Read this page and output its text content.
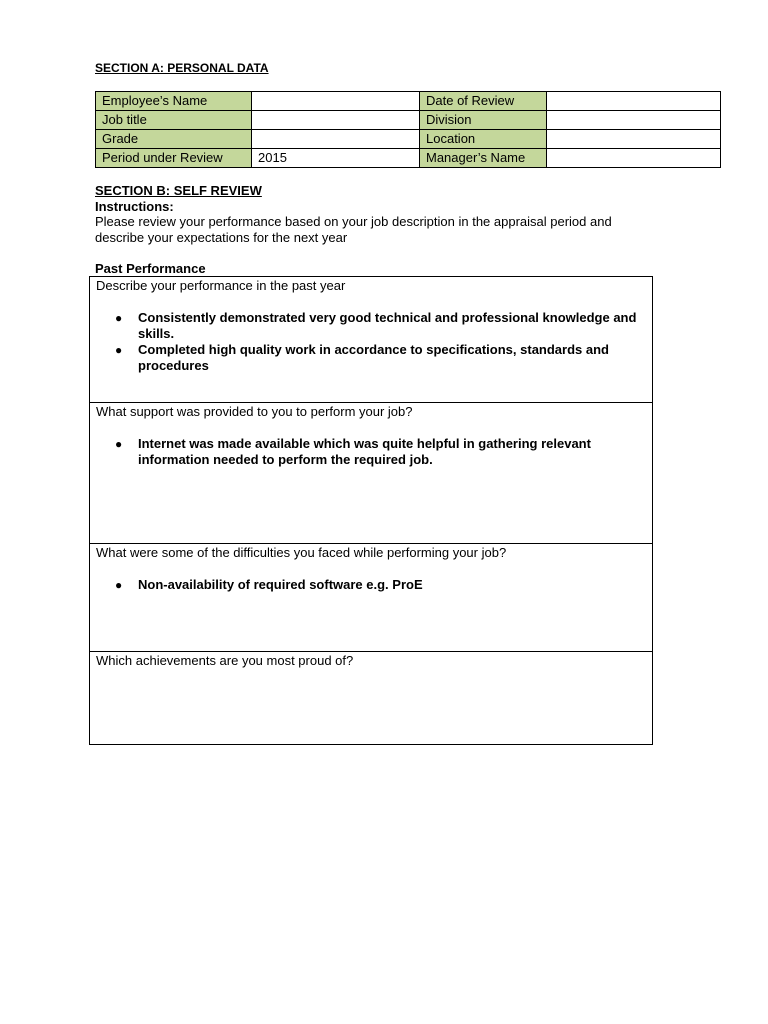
SECTION A: PERSONAL DATA
Employee’s Name		Date of Review	
Job title		Division	
Grade		Location	
Period under Review	2015	Manager’s Name	
SECTION B: SELF REVIEW
Instructions:
Please review your performance based on your job description in the appraisal period and describe your expectations for the next year
Past Performance
Describe your performance in the past year
● Consistently demonstrated very good technical and professional knowledge and skills.
● Completed high quality work in accordance to specifications, standards and procedures
What support was provided to you to perform your job?
● Internet was made available which was quite helpful in gathering relevant information needed to perform the required job.
What were some of the difficulties you faced while performing your job?
● Non-availability of required software e.g. ProE
Which achievements are you most proud of?
